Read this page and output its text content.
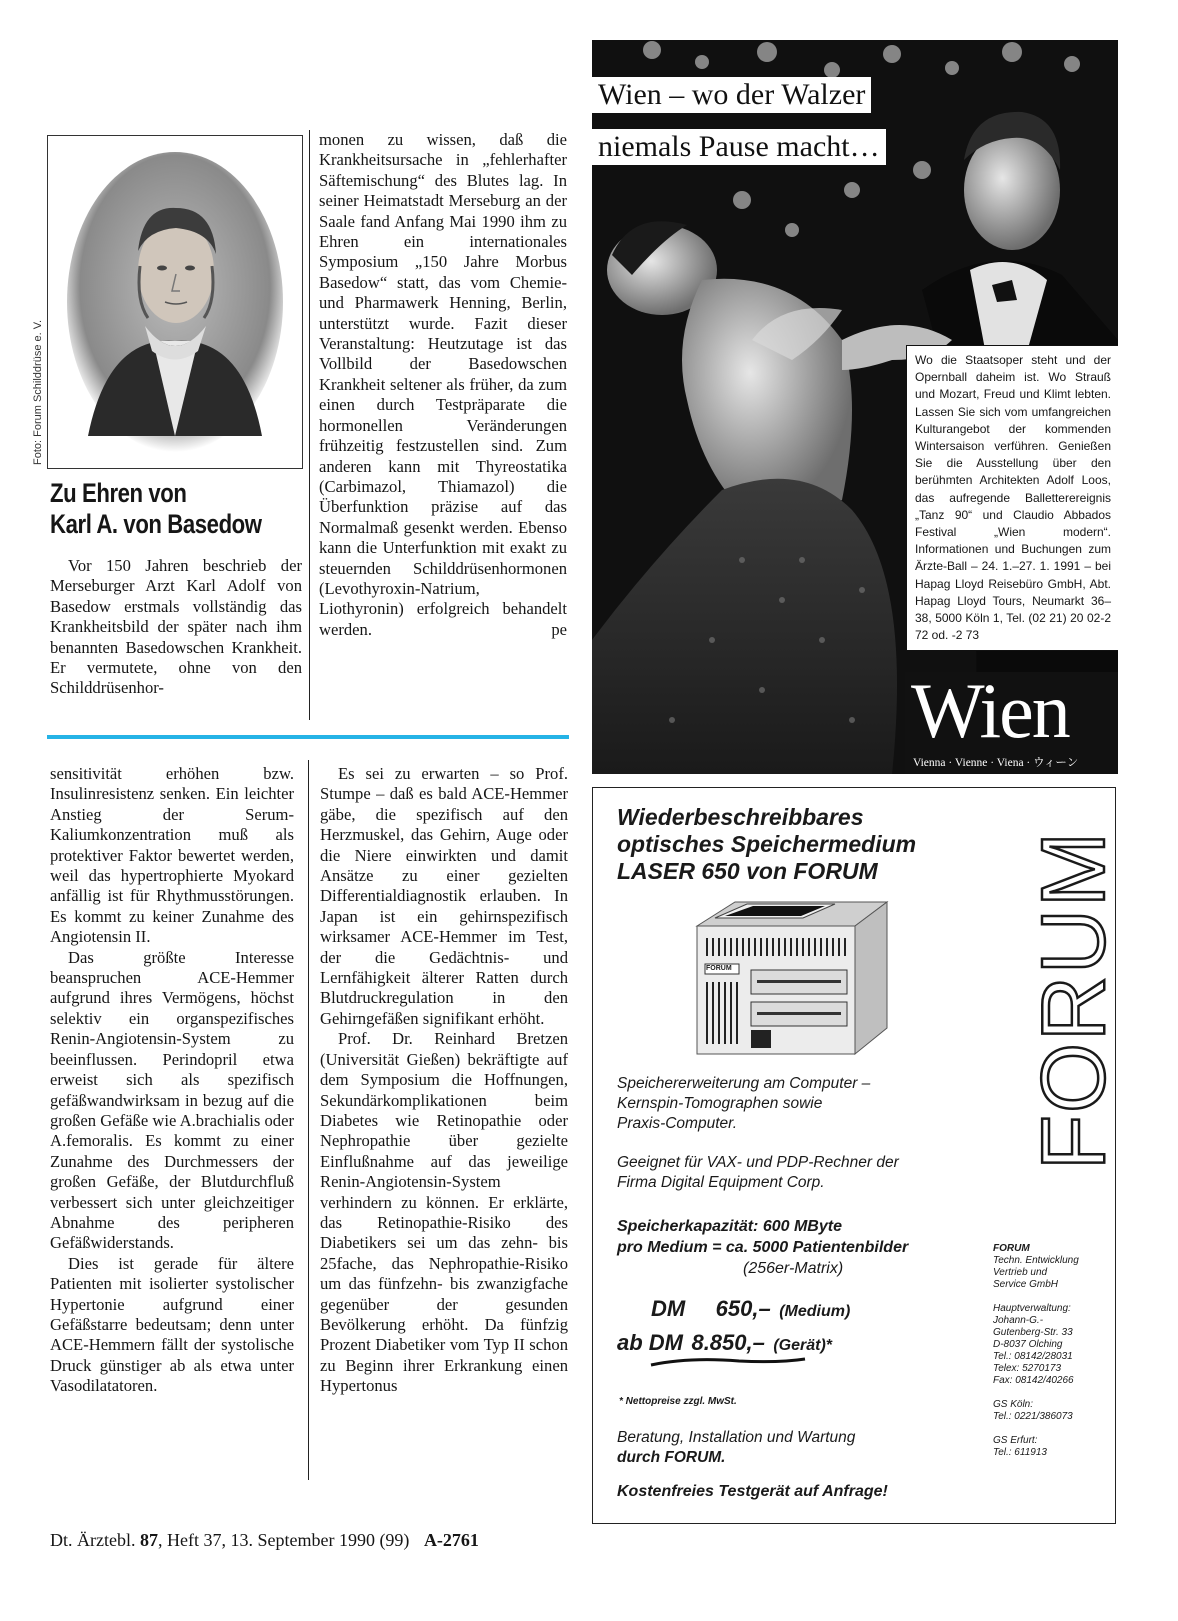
Foto: Forum Schilddrüse e. V.
Zu Ehren von
Karl A. von Basedow

Vor 150 Jahren beschrieb der Merseburger Arzt Karl Adolf von Basedow erstmals vollständig das Krankheitsbild der später nach ihm benannten Basedowschen Krankheit. Er vermutete, ohne von den Schilddrüsenhor-

monen zu wissen, daß die Krankheitsursache in „fehlerhafter Säftemischung“ des Blutes lag. In seiner Heimatstadt Merseburg an der Saale fand Anfang Mai 1990 ihm zu Ehren ein internationales Symposium „150 Jahre Morbus Basedow“ statt, das vom Chemie- und Pharmawerk Henning, Berlin, unterstützt wurde. Fazit dieser Veranstaltung: Heutzutage ist das Vollbild der Basedowschen Krankheit seltener als früher, da zum einen durch Testpräparate die hormonellen Veränderungen frühzeitig festzustellen sind. Zum anderen kann mit Thyreostatika (Carbimazol, Thiamazol) die Überfunktion präzise auf das Normalmaß gesenkt werden. Ebenso kann die Unterfunktion mit exakt zu steuernden Schilddrüsenhormonen (Levothyroxin-Natrium, Liothyronin) erfolgreich behandelt werden.	pe

sensitivität erhöhen bzw. Insulinresistenz senken. Ein leichter Anstieg der Serum-Kaliumkonzentration muß als protektiver Faktor bewertet werden, weil das hypertrophierte Myokard anfällig ist für Rhythmusstörungen. Es kommt zu keiner Zunahme des Angiotensin II.

Das größte Interesse beanspruchen ACE-Hemmer aufgrund ihres Vermögens, höchst selektiv ein organspezifisches Renin-Angiotensin-System zu beeinflussen. Perindopril etwa erweist sich als spezifisch gefäßwandwirksam in bezug auf die großen Gefäße wie A.brachialis oder A.femoralis. Es kommt zu einer Zunahme des Durchmessers der großen Gefäße, der Blutdurchfluß verbessert sich unter gleichzeitiger Abnahme des peripheren Gefäßwiderstands.

Dies ist gerade für ältere Patienten mit isolierter systolischer Hypertonie aufgrund einer Gefäßstarre bedeutsam; denn unter ACE-Hemmern fällt der systolische Druck günstiger ab als etwa unter Vasodilatatoren.

Es sei zu erwarten – so Prof. Stumpe – daß es bald ACE-Hemmer gäbe, die spezifisch auf den Herzmuskel, das Gehirn, Auge oder die Niere einwirkten und damit Ansätze zu einer gezielten Differentialdiagnostik erlauben. In Japan ist ein gehirnspezifisch wirksamer ACE-Hemmer im Test, der die Gedächtnis- und Lernfähigkeit älterer Ratten durch Blutdruckregulation in den Gehirngefäßen signifikant erhöht.

Prof. Dr. Reinhard Bretzen (Universität Gießen) bekräftigte auf dem Symposium die Hoffnungen, Sekundärkomplikationen beim Diabetes wie Retinopathie oder Nephropathie über gezielte Einflußnahme auf das jeweilige Renin-Angiotensin-System verhindern zu können. Er erklärte, das Retinopathie-Risiko des Diabetikers sei um das zehn- bis 25fache, das Nephropathie-Risiko um das fünfzehn- bis zwanzigfache gegenüber der gesunden Bevölkerung erhöht. Da fünfzig Prozent Diabetiker vom Typ II schon zu Beginn ihrer Erkrankung einen Hypertonus

Dt. Ärztebl. 87, Heft 37, 13. September 1990 (99) A-2761
Wien – wo der Walzer
niemals Pause macht…
Wo die Staatsoper steht und der Opernball daheim ist. Wo Strauß und Mozart, Freud und Klimt lebten. Lassen Sie sich vom umfangreichen Kulturangebot der kommenden Wintersaison verführen. Genießen Sie die Ausstellung über den berühmten Architekten Adolf Loos, das aufregende Balletterereignis „Tanz 90“ und Claudio Abbados Festival „Wien modern“. Informationen und Buchungen zum Ärzte-Ball – 24. 1.–27. 1. 1991 – bei Hapag Lloyd Reisebüro GmbH, Abt. Hapag Lloyd Tours, Neumarkt 36–38, 5000 Köln 1, Tel. (02 21) 20 02-2 72 od. -2 73
Wien
Vienna · Vienne · Viena · ウィーン
Wiederbeschreibbares
optisches Speichermedium
LASER 650 von FORUM
FORUM
Speichererweiterung am Computer –
Kernspin-Tomographen sowie
Praxis-Computer.
Geeignet für VAX- und PDP-Rechner der
Firma Digital Equipment Corp.
Speicherkapazität: 600 MByte
pro Medium = ca. 5000 Patientenbilder
(256er-Matrix)
DM 650,– (Medium)
ab DM 8.850,– (Gerät)*
* Nettopreise zzgl. MwSt.
Beratung, Installation und Wartung
durch FORUM.
Kostenfreies Testgerät auf Anfrage!
FORUM
FORUM
Techn. Entwicklung
Vertrieb und
Service GmbH
Hauptverwaltung:
Johann-G.-
Gutenberg-Str. 33
D-8037 Olching
Tel.: 08142/28031
Telex: 5270173
Fax: 08142/40266
GS Köln:
Tel.: 0221/386073
GS Erfurt:
Tel.: 611913
